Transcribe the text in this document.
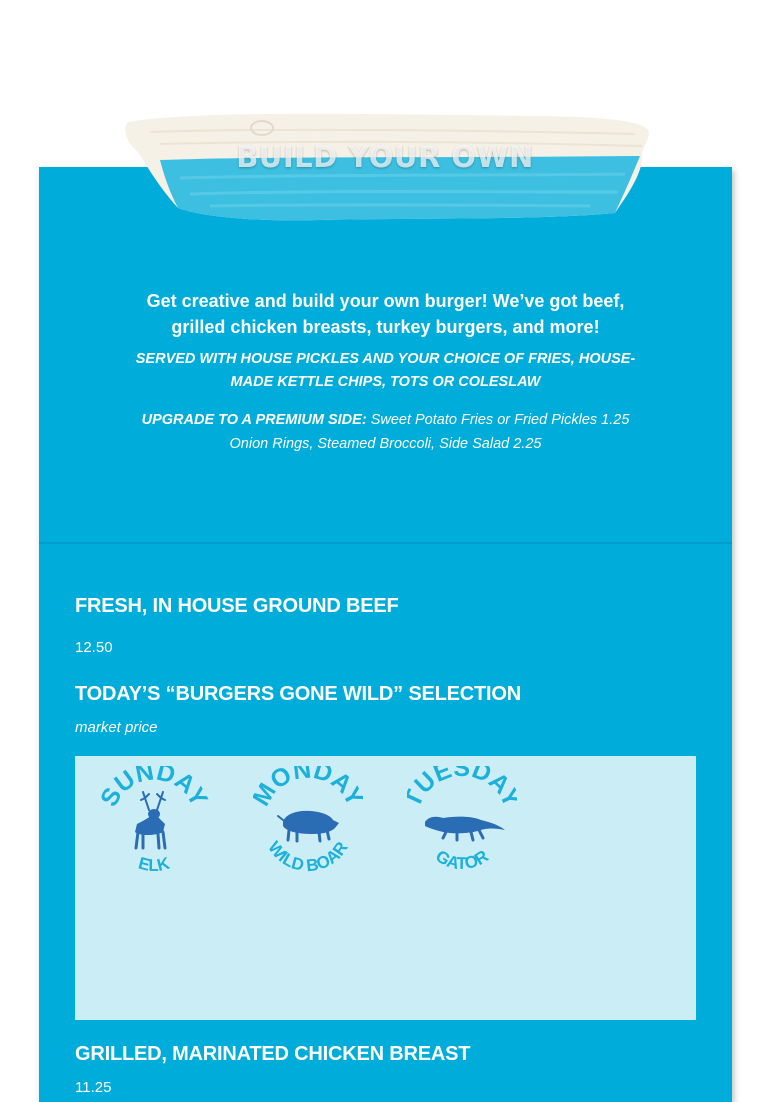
BUILD YOUR OWN
Get creative and build your own burger! We’ve got beef, grilled chicken breasts, turkey burgers, and more!
SERVED WITH HOUSE PICKLES AND YOUR CHOICE OF FRIES, HOUSE-MADE KETTLE CHIPS, TOTS OR COLESLAW
UPGRADE TO A PREMIUM SIDE: Sweet Potato Fries or Fried Pickles 1.25
Onion Rings, Steamed Broccoli, Side Salad 2.25
FRESH, IN HOUSE GROUND BEEF

12.50

TODAY’S “BURGERS GONE WILD” SELECTION

market price

UNDA
ELK
ONDA
WILD BOAR
UESDA
GATOR
GRILLED, MARINATED CHICKEN BREAST

11.25
